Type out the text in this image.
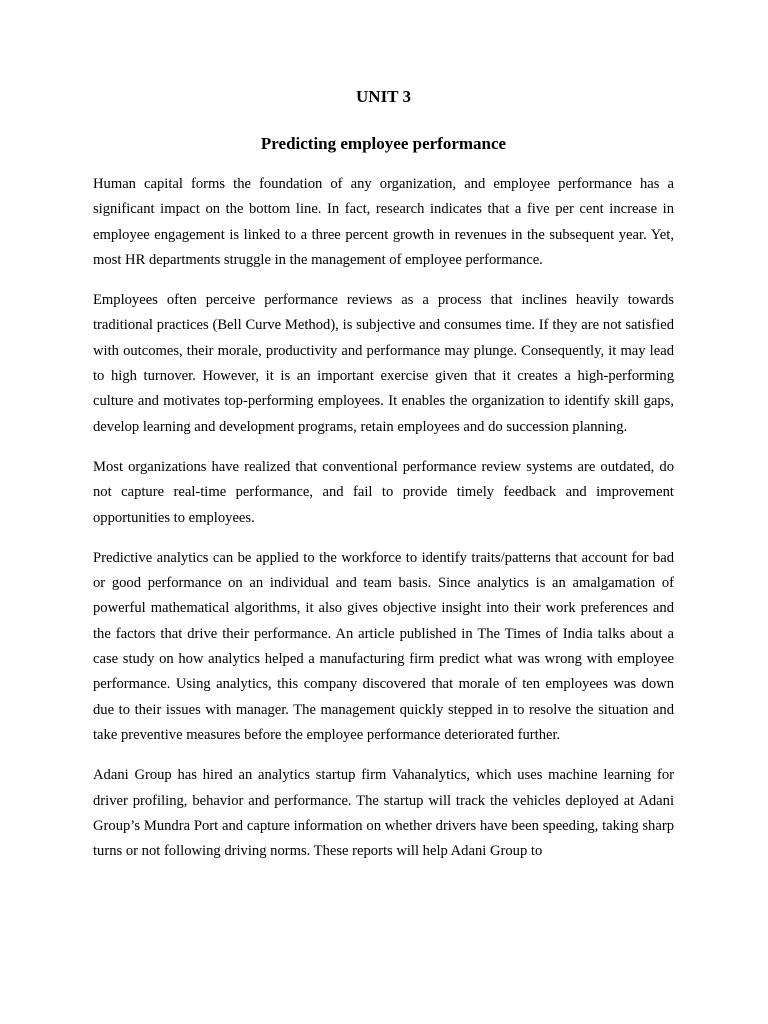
UNIT 3
Predicting employee performance

Human capital forms the foundation of any organization, and employee performance has a significant impact on the bottom line. In fact, research indicates that a five per cent increase in employee engagement is linked to a three percent growth in revenues in the subsequent year. Yet, most HR departments struggle in the management of employee performance.

Employees often perceive performance reviews as a process that inclines heavily towards traditional practices (Bell Curve Method), is subjective and consumes time. If they are not satisfied with outcomes, their morale, productivity and performance may plunge. Consequently, it may lead to high turnover. However, it is an important exercise given that it creates a high-performing culture and motivates top-performing employees. It enables the organization to identify skill gaps, develop learning and development programs, retain employees and do succession planning.

Most organizations have realized that conventional performance review systems are outdated, do not capture real-time performance, and fail to provide timely feedback and improvement opportunities to employees.

Predictive analytics can be applied to the workforce to identify traits/patterns that account for bad or good performance on an individual and team basis. Since analytics is an amalgamation of powerful mathematical algorithms, it also gives objective insight into their work preferences and the factors that drive their performance. An article published in The Times of India talks about a case study on how analytics helped a manufacturing firm predict what was wrong with employee performance. Using analytics, this company discovered that morale of ten employees was down due to their issues with manager. The management quickly stepped in to resolve the situation and take preventive measures before the employee performance deteriorated further.

Adani Group has hired an analytics startup firm Vahanalytics, which uses machine learning for driver profiling, behavior and performance. The startup will track the vehicles deployed at Adani Group’s Mundra Port and capture information on whether drivers have been speeding, taking sharp turns or not following driving norms. These reports will help Adani Group to
